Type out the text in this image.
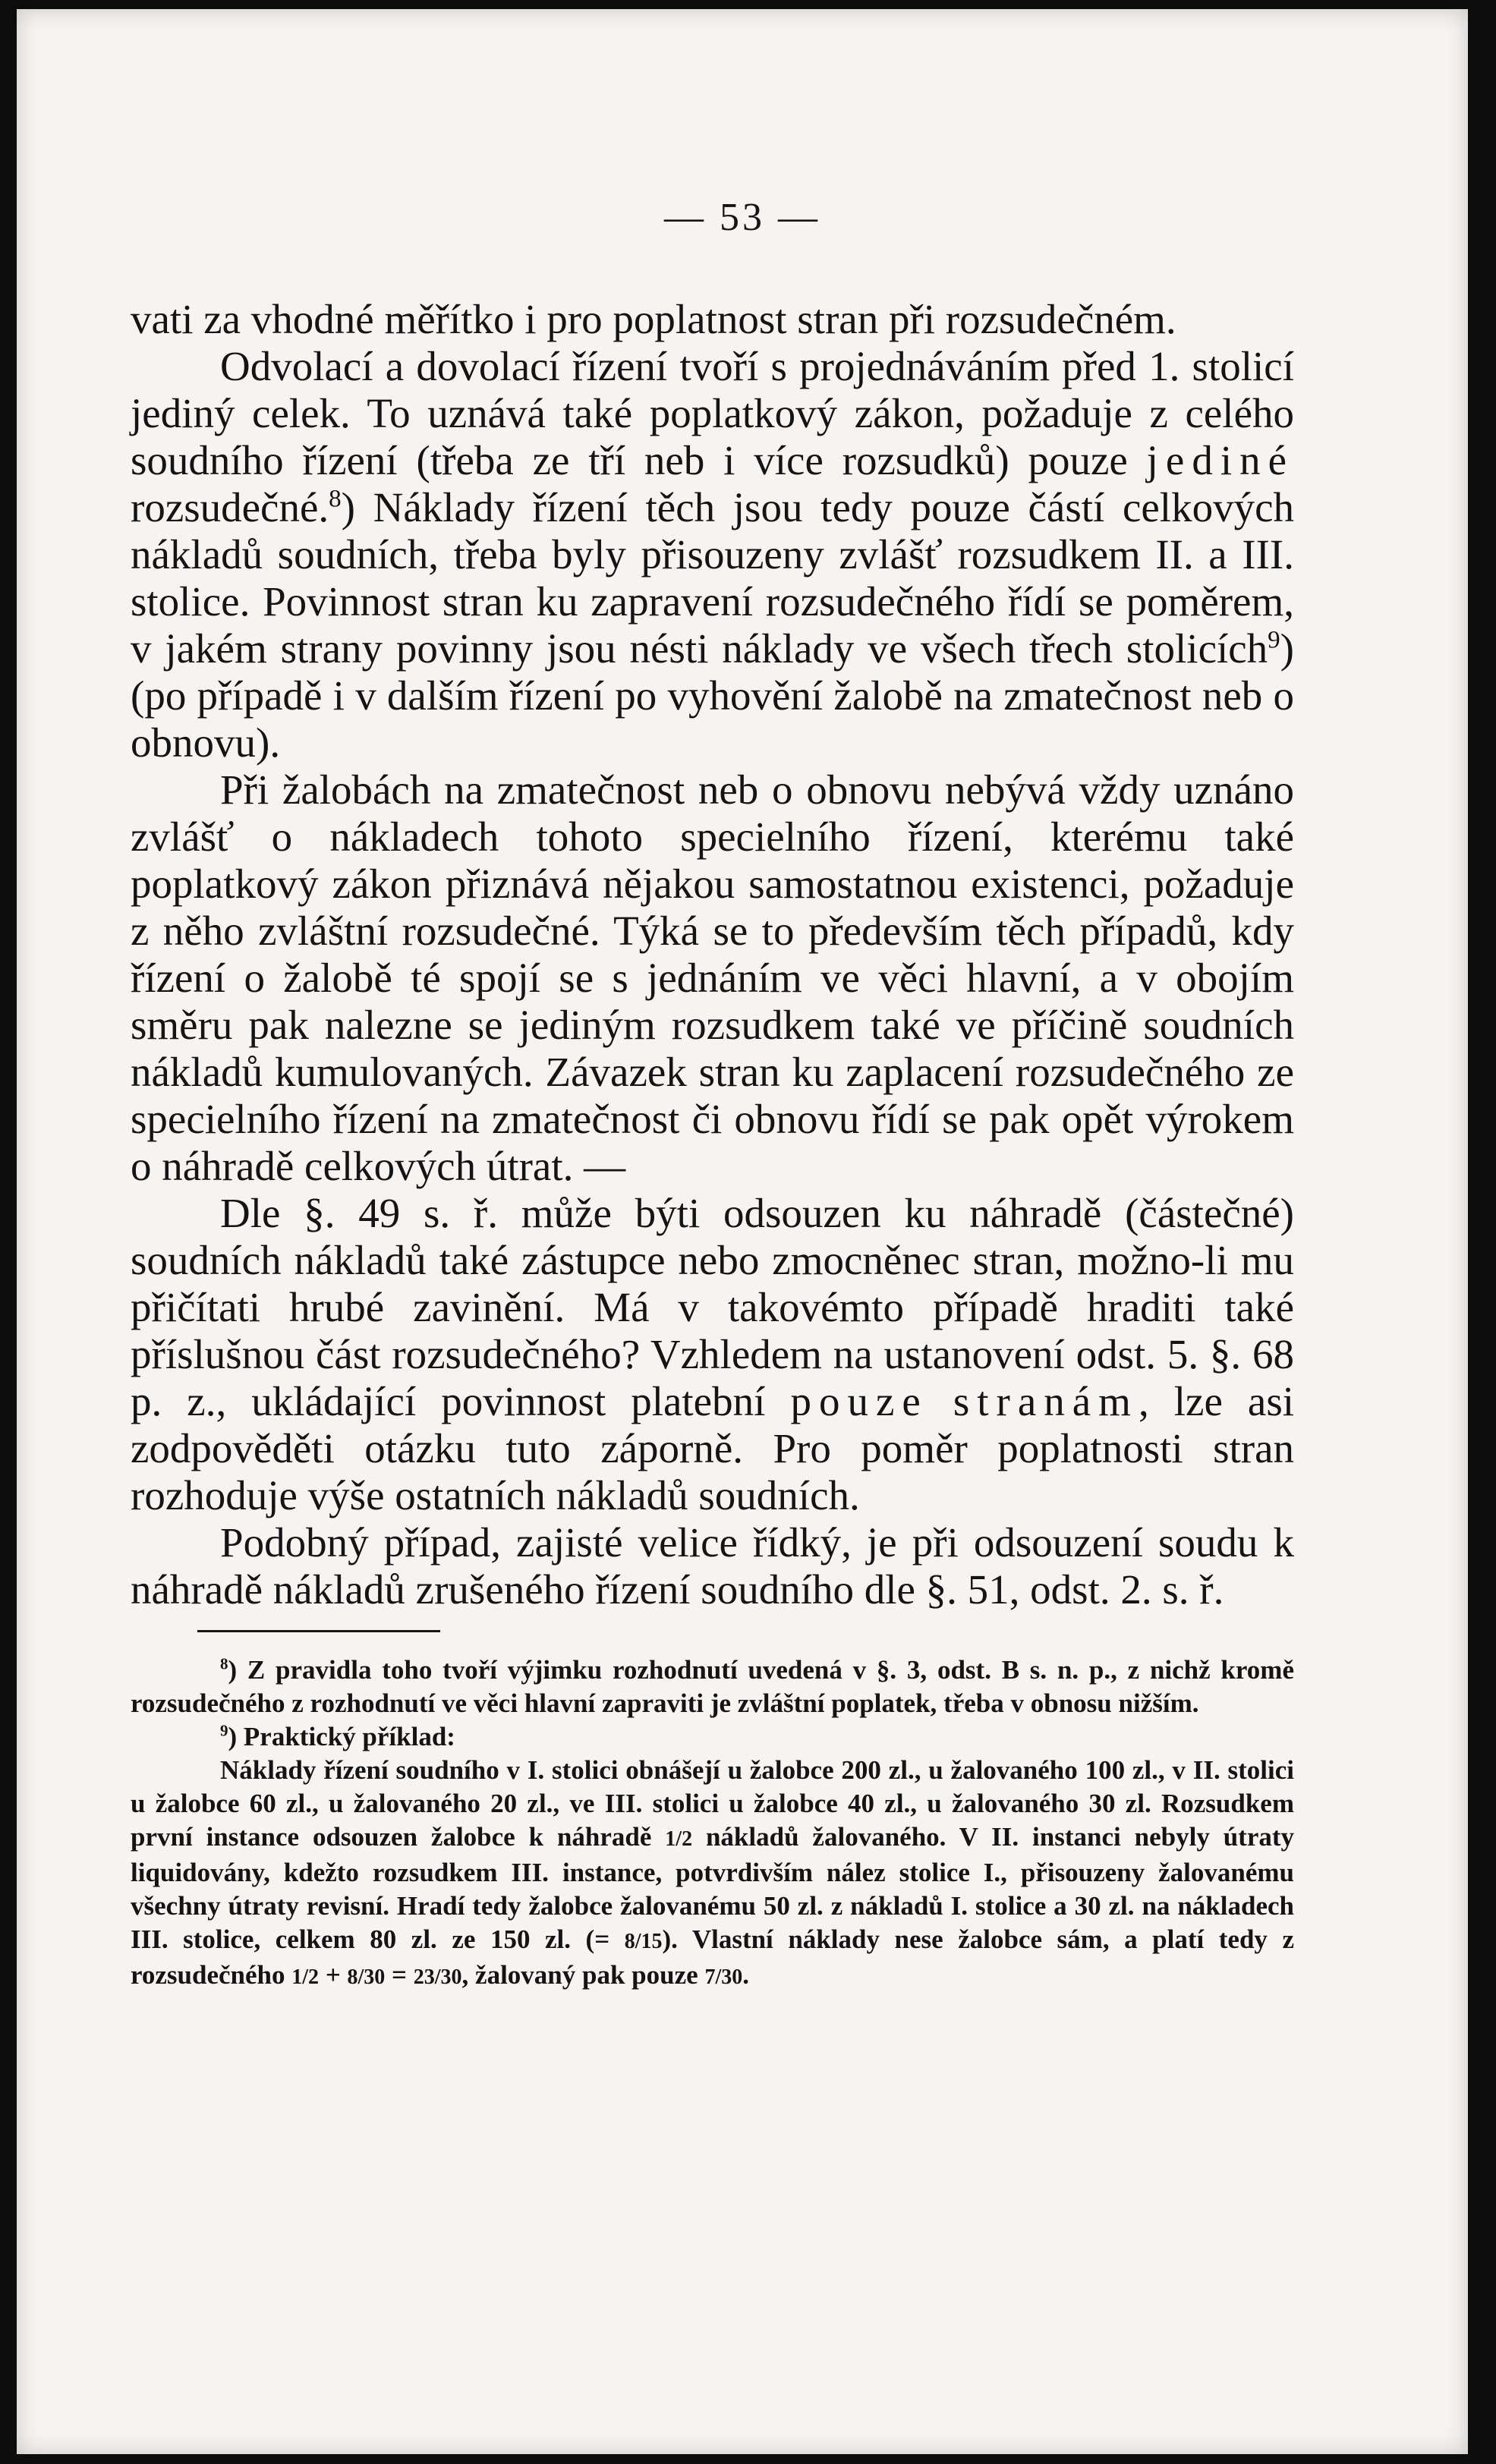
— 53 —

vati za vhodné měřítko i pro poplatnost stran při rozsudečném.

Odvolací a dovolací řízení tvoří s projednáváním před 1. stolicí jediný celek. To uznává také poplatkový zákon, požaduje z celého soudního řízení (třeba ze tří neb i více rozsudků) pouze jediné rozsudečné.$^8$) Náklady řízení těch jsou tedy pouze částí celkových nákladů soudních, třeba byly přisouzeny zvlášť rozsudkem II. a III. stolice. Povinnost stran ku zapravení rozsudečného řídí se poměrem, v jakém strany povinny jsou nésti náklady ve všech třech stolicích$^9$) (po případě i v dalším řízení po vyhovění žalobě na zmatečnost neb o obnovu).

Při žalobách na zmatečnost neb o obnovu nebývá vždy uznáno zvlášť o nákladech tohoto specielního řízení, kterému také poplatkový zákon přiznává nějakou samostatnou existenci, požaduje z něho zvláštní rozsudečné. Týká se to především těch případů, kdy řízení o žalobě té spojí se s jednáním ve věci hlavní, a v obojím směru pak nalezne se jediným rozsudkem také ve příčině soudních nákladů kumulovaných. Závazek stran ku zaplacení rozsudečného ze specielního řízení na zmatečnost či obnovu řídí se pak opět výrokem o náhradě celkových útrat. —

Dle §. 49 s. ř. může býti odsouzen ku náhradě (částečné) soudních nákladů také zástupce nebo zmocněnec stran, možno-li mu přičítati hrubé zavinění. Má v takovémto případě hraditi také příslušnou část rozsudečného? Vzhledem na ustanovení odst. 5. §. 68 p. z., ukládající povinnost platební pouze stranám, lze asi zodpověděti otázku tuto záporně. Pro poměr poplatnosti stran rozhoduje výše ostatních nákladů soudních.

Podobný případ, zajisté velice řídký, je při odsouzení soudu k náhradě nákladů zrušeného řízení soudního dle §. 51, odst. 2. s. ř.

$^8$) Z pravidla toho tvoří výjimku rozhodnutí uvedená v §. 3, odst. B s. n. p., z nichž kromě rozsudečného z rozhodnutí ve věci hlavní zapraviti je zvláštní poplatek, třeba v obnosu nižším.

$^9$) Praktický příklad:

Náklady řízení soudního v I. stolici obnášejí u žalobce 200 zl., u žalovaného 100 zl., v II. stolici u žalobce 60 zl., u žalovaného 20 zl., ve III. stolici u žalobce 40 zl., u žalovaného 30 zl. Rozsudkem první instance odsouzen žalobce k náhradě 1/2 nákladů žalovaného. V II. instanci nebyly útraty liquidovány, kdežto rozsudkem III. instance, potvrdivším nález stolice I., přisouzeny žalovanému všechny útraty revisní. Hradí tedy žalobce žalovanému 50 zl. z nákladů I. stolice a 30 zl. na nákladech III. stolice, celkem 80 zl. ze 150 zl. (= 8/15). Vlastní náklady nese žalobce sám, a platí tedy z rozsudečného 1/2 + 8/30 = 23/30, žalovaný pak pouze 7/30.
